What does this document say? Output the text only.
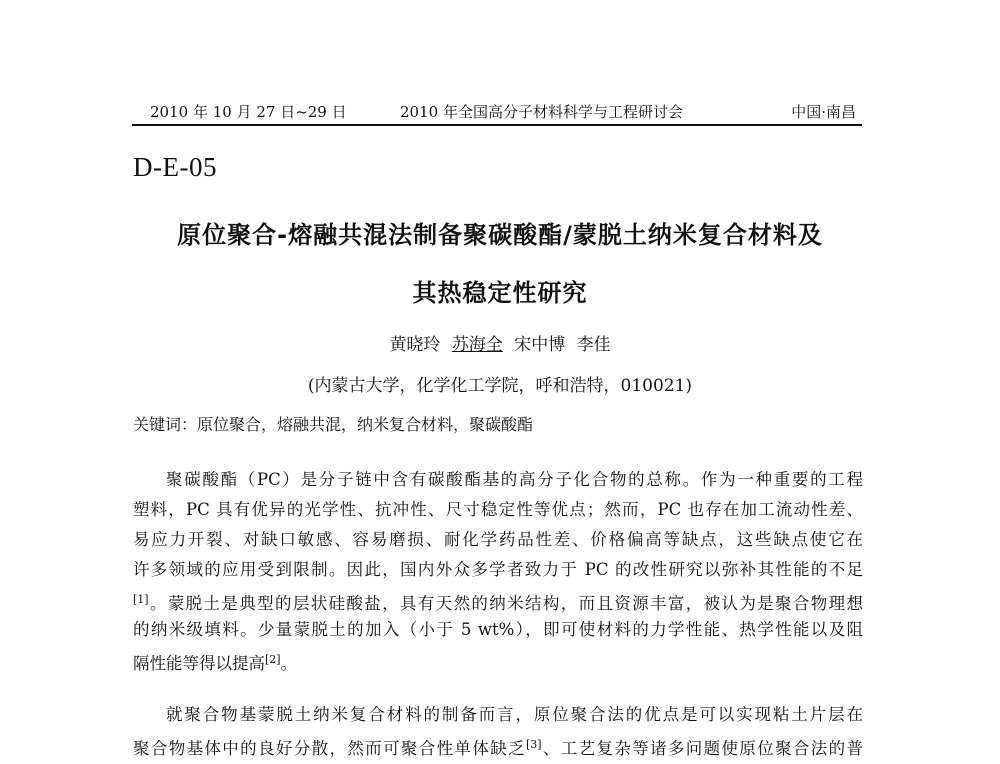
2010 年 10 月 27 日~29 日	2010 年全国高分子材料科学与工程研讨会	中国·南昌
D-E-05
原位聚合-熔融共混法制备聚碳酸酯/蒙脱土纳米复合材料及
其热稳定性研究
黄晓玲 苏海全 宋中博 李佳
(内蒙古大学，化学化工学院，呼和浩特，010021)
关键词：原位聚合，熔融共混，纳米复合材料，聚碳酸酯
聚碳酸酯（PC）是分子链中含有碳酸酯基的高分子化合物的总称。作为一种重要的工程
塑料，PC 具有优异的光学性、抗冲性、尺寸稳定性等优点；然而，PC 也存在加工流动性差、
易应力开裂、对缺口敏感、容易磨损、耐化学药品性差、价格偏高等缺点，这些缺点使它在
许多领域的应用受到限制。因此，国内外众多学者致力于 PC 的改性研究以弥补其性能的不足
[1]。蒙脱土是典型的层状硅酸盐，具有天然的纳米结构，而且资源丰富，被认为是聚合物理想
的纳米级填料。少量蒙脱土的加入（小于 5 wt%），即可使材料的力学性能、热学性能以及阻
隔性能等得以提高[2]。
就聚合物基蒙脱土纳米复合材料的制备而言，原位聚合法的优点是可以实现粘土片层在
聚合物基体中的良好分散，然而可聚合性单体缺乏[3]、工艺复杂等诸多问题使原位聚合法的普
